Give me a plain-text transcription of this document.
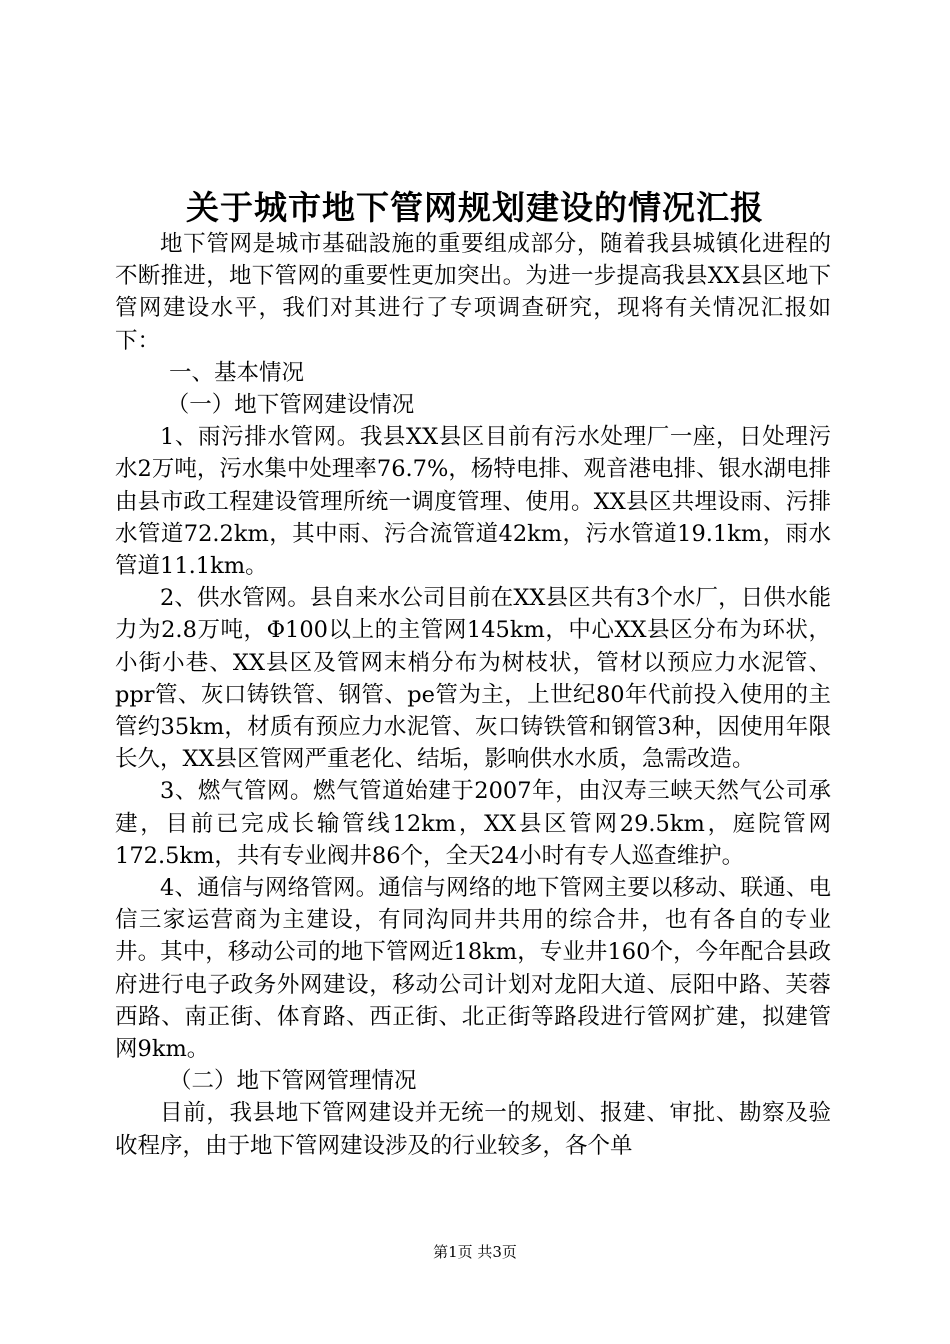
关于城市地下管网规划建设的情况汇报

地下管网是城市基础設施的重要组成部分，随着我县城镇化进程的不断推进，地下管网的重要性更加突出。为进一步提高我县XX县区地下管网建设水平，我们对其进行了专项调查研究，现将有关情况汇报如下：

一、基本情况

（一）地下管网建设情况

1、雨污排水管网。我县XX县区目前有污水处理厂一座，日处理污水2万吨，污水集中处理率76.7%，杨特电排、观音港电排、银水湖电排由县市政工程建设管理所统一调度管理、使用。XX县区共埋设雨、污排水管道72.2km，其中雨、污合流管道42km，污水管道19.1km，雨水管道11.1km。

2、供水管网。县自来水公司目前在XX县区共有3个水厂，日供水能力为2.8万吨，Φ100以上的主管网145km，中心XX县区分布为环状，小街小巷、XX县区及管网末梢分布为树枝状，管材以预应力水泥管、ppr管、灰口铸铁管、钢管、pe管为主，上世纪80年代前投入使用的主管约35km，材质有预应力水泥管、灰口铸铁管和钢管3种，因使用年限长久，XX县区管网严重老化、结垢，影响供水水质，急需改造。

3、燃气管网。燃气管道始建于2007年，由汉寿三峡天然气公司承建，目前已完成长输管线12km，XX县区管网29.5km，庭院管网172.5km，共有专业阀井86个，全天24小时有专人巡查维护。

4、通信与网络管网。通信与网络的地下管网主要以移动、联通、电信三家运营商为主建设，有同沟同井共用的综合井，也有各自的专业井。其中，移动公司的地下管网近18km，专业井160个，今年配合县政府进行电子政务外网建设，移动公司计划对龙阳大道、辰阳中路、芙蓉西路、南正街、体育路、西正街、北正街等路段进行管网扩建，拟建管网9km。

（二）地下管网管理情况

目前，我县地下管网建设并无统一的规划、报建、审批、勘察及验收程序，由于地下管网建设涉及的行业较多，各个单

第1页 共3页
